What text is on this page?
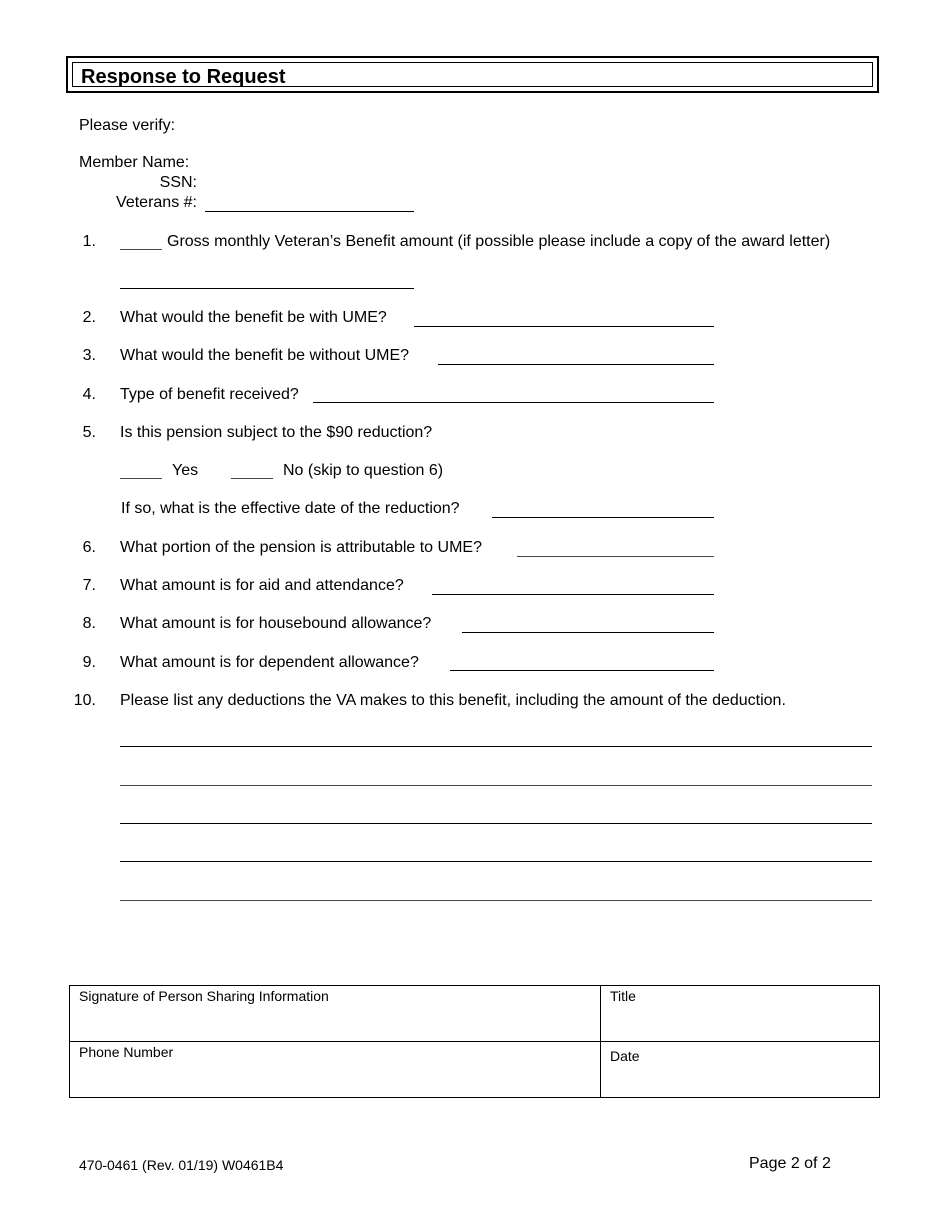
Response to Request
Please verify:
Member Name:
SSN:
Veterans #:
1.	Gross monthly Veteran’s Benefit amount (if possible please include a copy of the award letter)
2. What would the benefit be with UME?
3. What would the benefit be without UME?
4. Type of benefit received?
5. Is this pension subject to the $90 reduction?
Yes	No (skip to question 6)
If so, what is the effective date of the reduction?
6. What portion of the pension is attributable to UME?
7. What amount is for aid and attendance?
8. What amount is for housebound allowance?
9. What amount is for dependent allowance?
10. Please list any deductions the VA makes to this benefit, including the amount of the deduction.
Signature of Person Sharing Information	Title
Phone Number	Date
470-0461 (Rev. 01/19) W0461B4	Page 2 of 2
